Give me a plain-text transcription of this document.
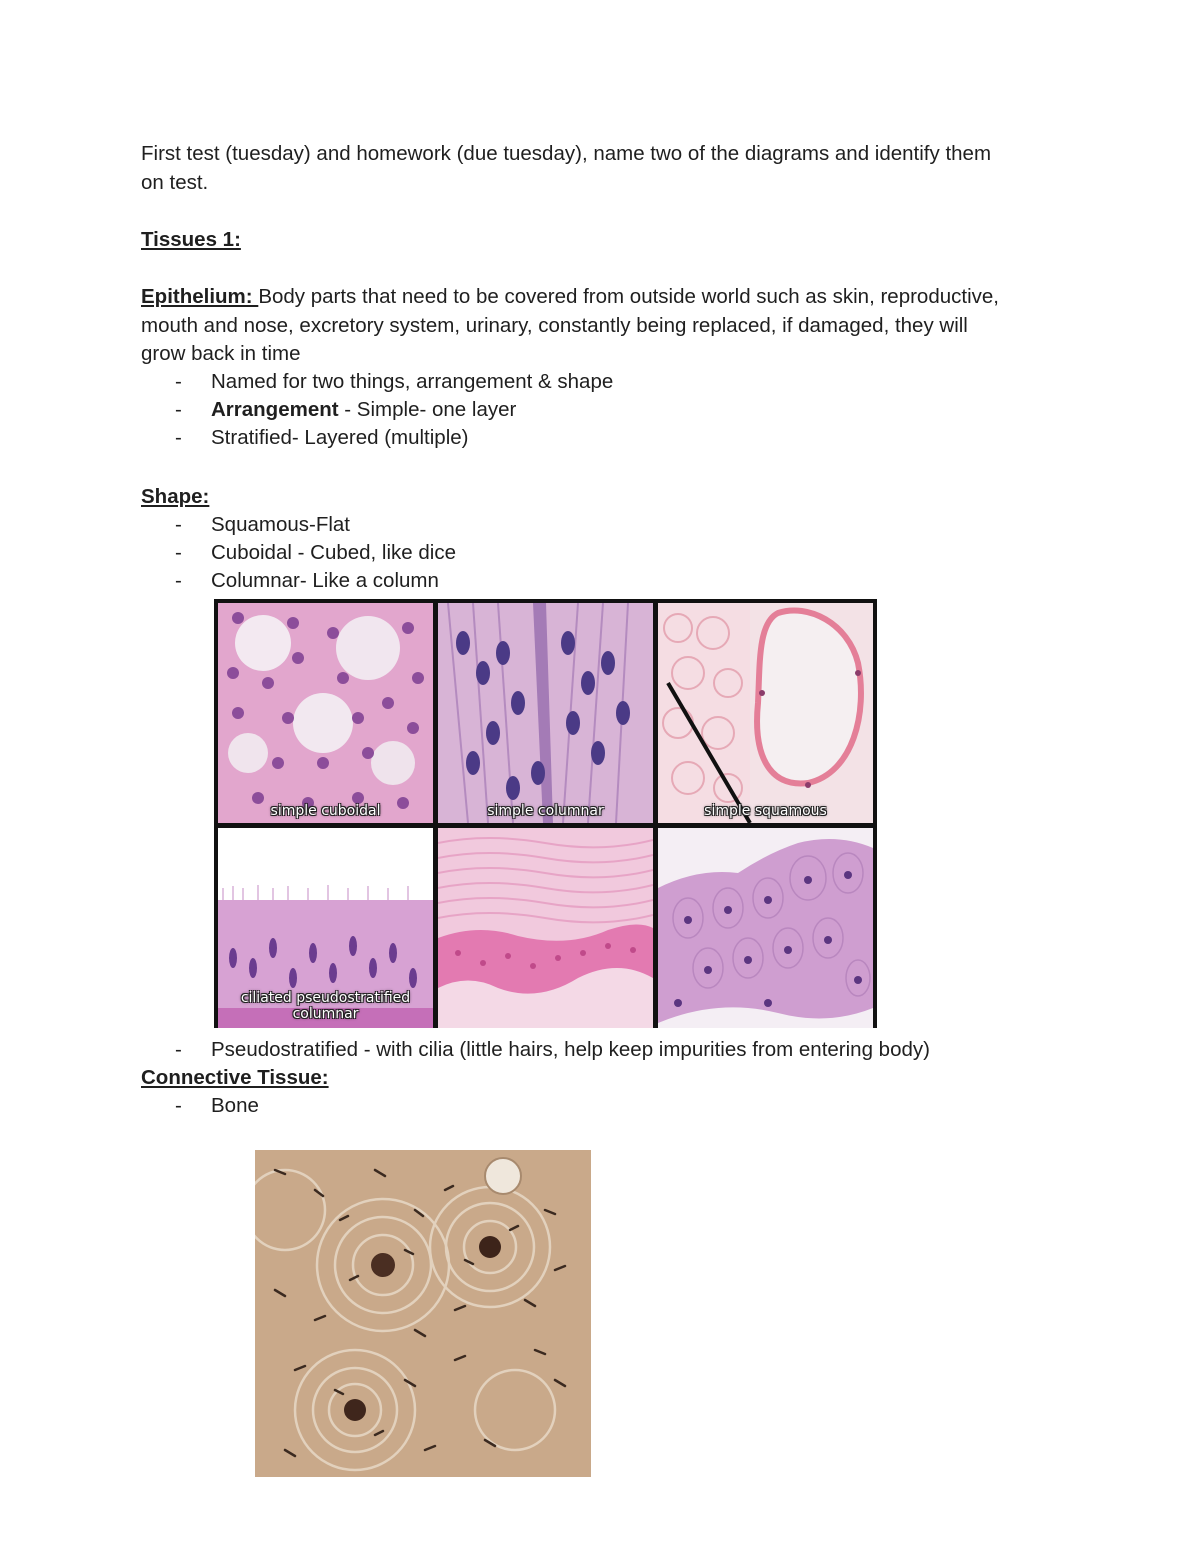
First test (tuesday) and homework (due tuesday), name two of the diagrams and identify them
on test.
Tissues 1:
Epithelium: Body parts that need to be covered from outside world such as skin, reproductive,
mouth and nose, excretory system, urinary, constantly being replaced, if damaged, they will
grow back in time
- Named for two things, arrangement & shape
- Arrangement - Simple- one layer
- Stratified- Layered (multiple)
Shape:
- Squamous-Flat
- Cuboidal - Cubed, like dice
- Columnar- Like a column
simple cuboidal	simple columnar	simple squamous
ciliated pseudostratified
columnar
- Pseudostratified - with cilia (little hairs, help keep impurities from entering body)
Connective Tissue:
- Bone
